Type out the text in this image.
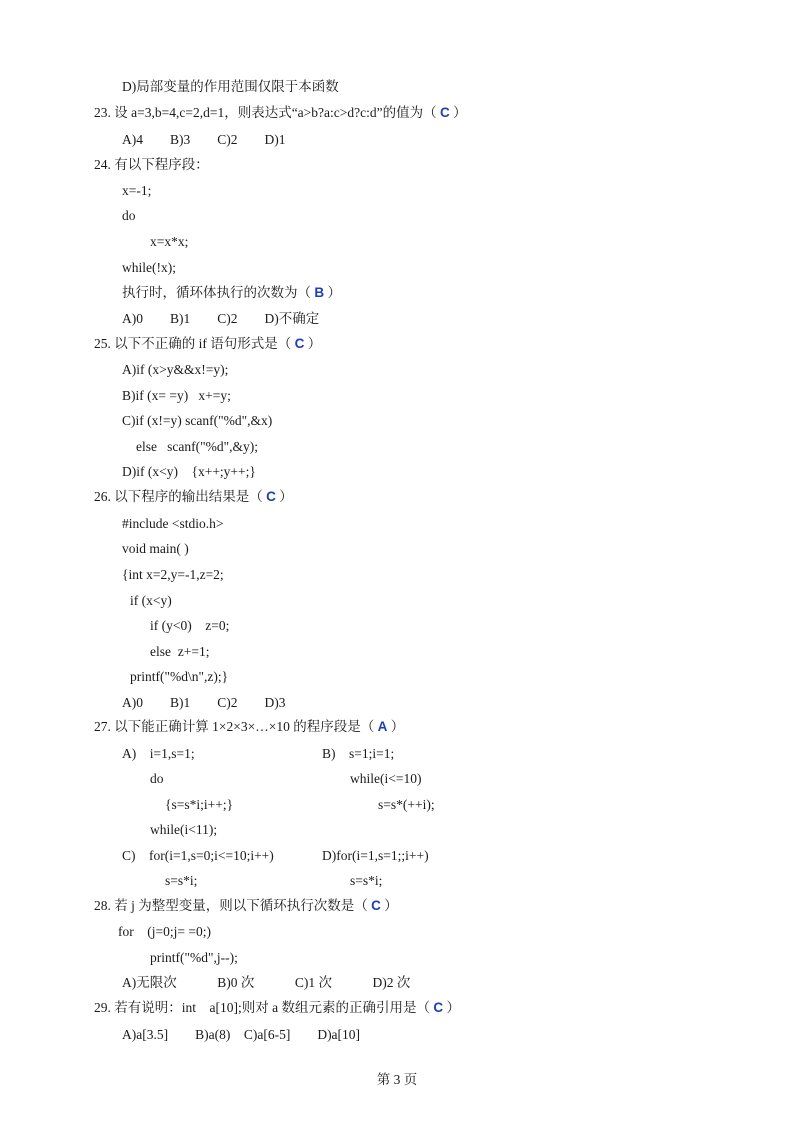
D)局部变量的作用范围仅限于本函数
23. 设 a=3,b=4,c=2,d=1，则表达式“a>b?a:c>d?c:d”的值为（ C ）
A)4        B)3        C)2        D)1
24. 有以下程序段：
x=-1;
do
x=x*x;
while(!x);
执行时，循环体执行的次数为（ B ）
A)0        B)1        C)2        D)不确定
25. 以下不正确的 if 语句形式是（ C ）
A)if (x>y&&x!=y);
B)if (x= =y)   x+=y;
C)if (x!=y) scanf("%d",&x)
else   scanf("%d",&y);
D)if (x<y)    {x++;y++;}
26. 以下程序的输出结果是（ C ）
#include <stdio.h>
void main( )
{int x=2,y=-1,z=2;
if (x<y)
if (y<0)    z=0;
else  z+=1;
printf("%d\n",z);}
A)0        B)1        C)2        D)3
27. 以下能正确计算 1×2×3×…×10 的程序段是（ A ）
A)    i=1,s=1;	B)    s=1;i=1;
do	while(i<=10)
{s=s*i;i++;}	s=s*(++i);
while(i<11);
C)    for(i=1,s=0;i<=10;i++)	D)for(i=1,s=1;;i++)
s=s*i;	s=s*i;
28. 若 j 为整型变量，则以下循环执行次数是（ C ）
for    (j=0;j= =0;)
printf("%d",j--);
A)无限次            B)0 次            C)1 次            D)2 次
29. 若有说明：int    a[10];则对 a 数组元素的正确引用是（ C ）
A)a[3.5]        B)a(8)    C)a[6-5]        D)a[10]
第 3 页
